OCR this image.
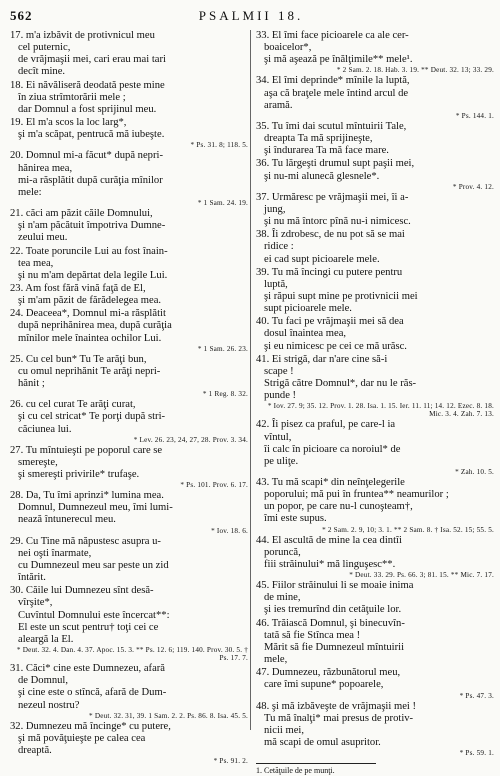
562	PSALMII 18.
17. m'a izbăvit de protivnicul meu
cel puternic,
de vrăjmaşii mei, cari erau mai tari
decît mine.
18. Ei năvăliseră deodată peste mine
în ziua strîmtorării mele ;
dar Domnul a fost sprijinul meu.
19. El m'a scos la loc larg*,
şi m'a scăpat, pentrucă mă iubeşte.
* Ps. 31. 8; 118. 5.
20. Domnul mi-a făcut* după nepri-
hănirea mea,
mi-a răsplătit după curăţia mînilor
mele:
* 1 Sam. 24. 19.
21. căci am păzit căile Domnului,
şi n'am păcătuit împotriva Dumne-
zeului meu.
22. Toate poruncile Lui au fost înain-
tea mea,
şi nu m'am depărtat dela legile Lui.
23. Am fost fără vină faţă de El,
şi m'am păzit de fărădelegea mea.
24. Deaceea*, Domnul mi-a răsplătit
după neprihănirea mea, după curăţia
mînilor mele înaintea ochilor Lui.
* 1 Sam. 26. 23.
25. Cu cel bun* Tu Te arăţi bun,
cu omul neprihănit Te arăţi nepri-
hănit ;
* 1 Reg. 8. 32.
26. cu cel curat Te arăţi curat,
şi cu cel stricat* Te porţi după stri-
căciunea lui.
* Lev. 26. 23, 24, 27, 28. Prov. 3. 34.
27. Tu mîntuieşti pe poporul care se
smereşte,
şi smereşti privirile* trufaşe.
* Ps. 101. Prov. 6. 17.
28. Da, Tu îmi aprinzi* lumina mea.
Domnul, Dumnezeul meu, îmi lumi-
nează întunerecul meu.
* Iov. 18. 6.
29. Cu Tine mă năpustesc asupra u-
nei oşti înarmate,
cu Dumnezeul meu sar peste un zid
întărit.
30. Căile lui Dumnezeu sînt desă-
vîrşite*,
Cuvîntul Domnului este încercat**:
El este un scut pentru† toţi cei ce
aleargă la El.
* Deut. 32. 4. Dan. 4. 37. Apoc. 15. 3. ** Ps. 12. 6; 119. 140. Prov. 30. 5. † Ps. 17. 7.
31. Căci* cine este Dumnezeu, afară
de Domnul,
şi cine este o stîncă, afară de Dum-
nezeul nostru?
* Deut. 32. 31, 39. 1 Sam. 2. 2. Ps. 86. 8. Isa. 45. 5.
32. Dumnezeu mă încinge* cu putere,
şi mă povăţuieşte pe calea cea
dreaptă.
* Ps. 91. 2.
33. El îmi face picioarele ca ale cer-
boaicelor*,
şi mă aşează pe înălţimile** mele¹.
* 2 Sam. 2. 18. Hab. 3. 19. ** Deut. 32. 13; 33. 29.
34. El îmi deprinde* mînile la luptă,
aşa că braţele mele întind arcul de
aramă.
* Ps. 144. 1.
35. Tu îmi dai scutul mîntuirii Tale,
dreapta Ta mă sprijineşte,
şi îndurarea Ta mă face mare.
36. Tu lărgeşti drumul supt paşii mei,
şi nu-mi alunecă glesnele*.
* Prov. 4. 12.
37. Urmăresc pe vrăjmaşii mei, îi a-
jung,
şi nu mă întorc pînă nu-i nimicesc.
38. Îi zdrobesc, de nu pot să se mai
ridice :
ei cad supt picioarele mele.
39. Tu mă încingi cu putere pentru
luptă,
şi răpui supt mine pe protivnicii mei
supt picioarele mele.
40. Tu faci pe vrăjmaşii mei să dea
dosul înaintea mea,
şi eu nimicesc pe cei ce mă urăsc.
41. Ei strigă, dar n'are cine să-i
scape !
Strigă către Domnul*, dar nu le răs-
punde !
* Iov. 27. 9; 35. 12. Prov. 1. 28. Isa. 1. 15. Ier. 11. 11; 14. 12. Ezec. 8. 18. Mic. 3. 4. Zah. 7. 13.
42. Îi pisez ca praful, pe care-l ia
vîntul,
îi calc în picioare ca noroiul* de
pe uliţe.
* Zah. 10. 5.
43. Tu mă scapi* din neînţelegerile
poporului; mă pui în fruntea** neamurilor ;
un popor, pe care nu-l cunoşteam†,
îmi este supus.
* 2 Sam. 2. 9, 10; 3. 1. ** 2 Sam. 8. † Isa. 52. 15; 55. 5.
44. El ascultă de mine la cea dintîi
poruncă,
fiii străinului* mă linguşesc**.
* Deut. 33. 29. Ps. 66. 3; 81. 15. ** Mic. 7. 17.
45. Fiilor străinului li se moaie inima
de mine,
şi ies tremurînd din cetăţuile lor.
46. Trăiască Domnul, şi binecuvîn-
tată să fie Stînca mea !
Mărit să fie Dumnezeul mîntuirii
mele,
47. Dumnezeu, răzbunătorul meu,
care îmi supune* popoarele,
* Ps. 47. 3.
48. şi mă izbăveşte de vrăjmaşii mei !
Tu mă înalţi* mai presus de protiv-
nicii mei,
mă scapi de omul asupritor.
* Ps. 59. 1.
1. Cetăţuile de pe munţi.
